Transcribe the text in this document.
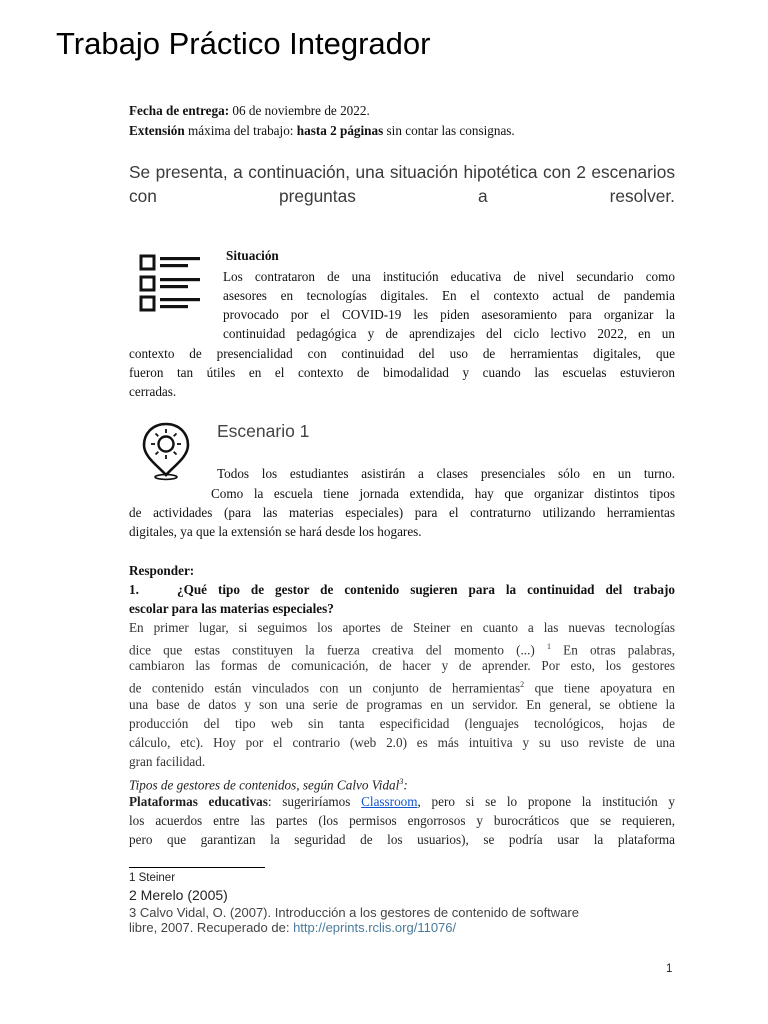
Trabajo Práctico Integrador
Fecha de entrega: 06 de noviembre de 2022.
Extensión máxima del trabajo: hasta 2 páginas sin contar las consignas.
Se presenta, a continuación, una situación hipotética con 2 escenarios con preguntas a resolver.
Situación
Los contrataron de una institución educativa de nivel secundario como
asesores en tecnologías digitales. En el contexto actual de pandemia
provocado por el COVID-19 les piden asesoramiento para organizar la
continuidad pedagógica y de aprendizajes del ciclo lectivo 2022, en un
contexto de presencialidad con continuidad del uso de herramientas digitales, que
fueron tan útiles en el contexto de bimodalidad y cuando las escuelas estuvieron
cerradas.
Escenario 1
Todos los estudiantes asistirán a clases presenciales sólo en un turno.
Como la escuela tiene jornada extendida, hay que organizar distintos tipos
de actividades (para las materias especiales) para el contraturno utilizando herramientas
digitales, ya que la extensión se hará desde los hogares.
Responder:
1.	¿Qué tipo de gestor de contenido sugieren para la continuidad del trabajo
escolar para las materias especiales?
En primer lugar, si seguimos los aportes de Steiner en cuanto a las nuevas tecnologías
dice que estas constituyen la fuerza creativa del momento (...) $^1$ En otras palabras,
cambiaron las formas de comunicación, de hacer y de aprender. Por esto, los gestores
de contenido están vinculados con un conjunto de herramientas$^2$ que tiene apoyatura en
una base de datos y son una serie de programas en un servidor. En general, se obtiene la
producción del tipo web sin tanta especificidad (lenguajes tecnológicos, hojas de
cálculo, etc). Hoy por el contrario (web 2.0) es más intuitiva y su uso reviste de una
gran facilidad.
Tipos de gestores de contenidos, según Calvo Vidal$^3$:
Plataformas educativas: sugeriríamos Classroom, pero si se lo propone la institución y
los acuerdos entre las partes (los permisos engorrosos y burocráticos que se requieren,
pero que garantizan la seguridad de los usuarios), se podría usar la plataforma
1 Steiner
2 Merelo (2005)
3 Calvo Vidal, O. (2007). Introducción a los gestores de contenido de software
libre, 2007. Recuperado de: http://eprints.rclis.org/11076/
1
